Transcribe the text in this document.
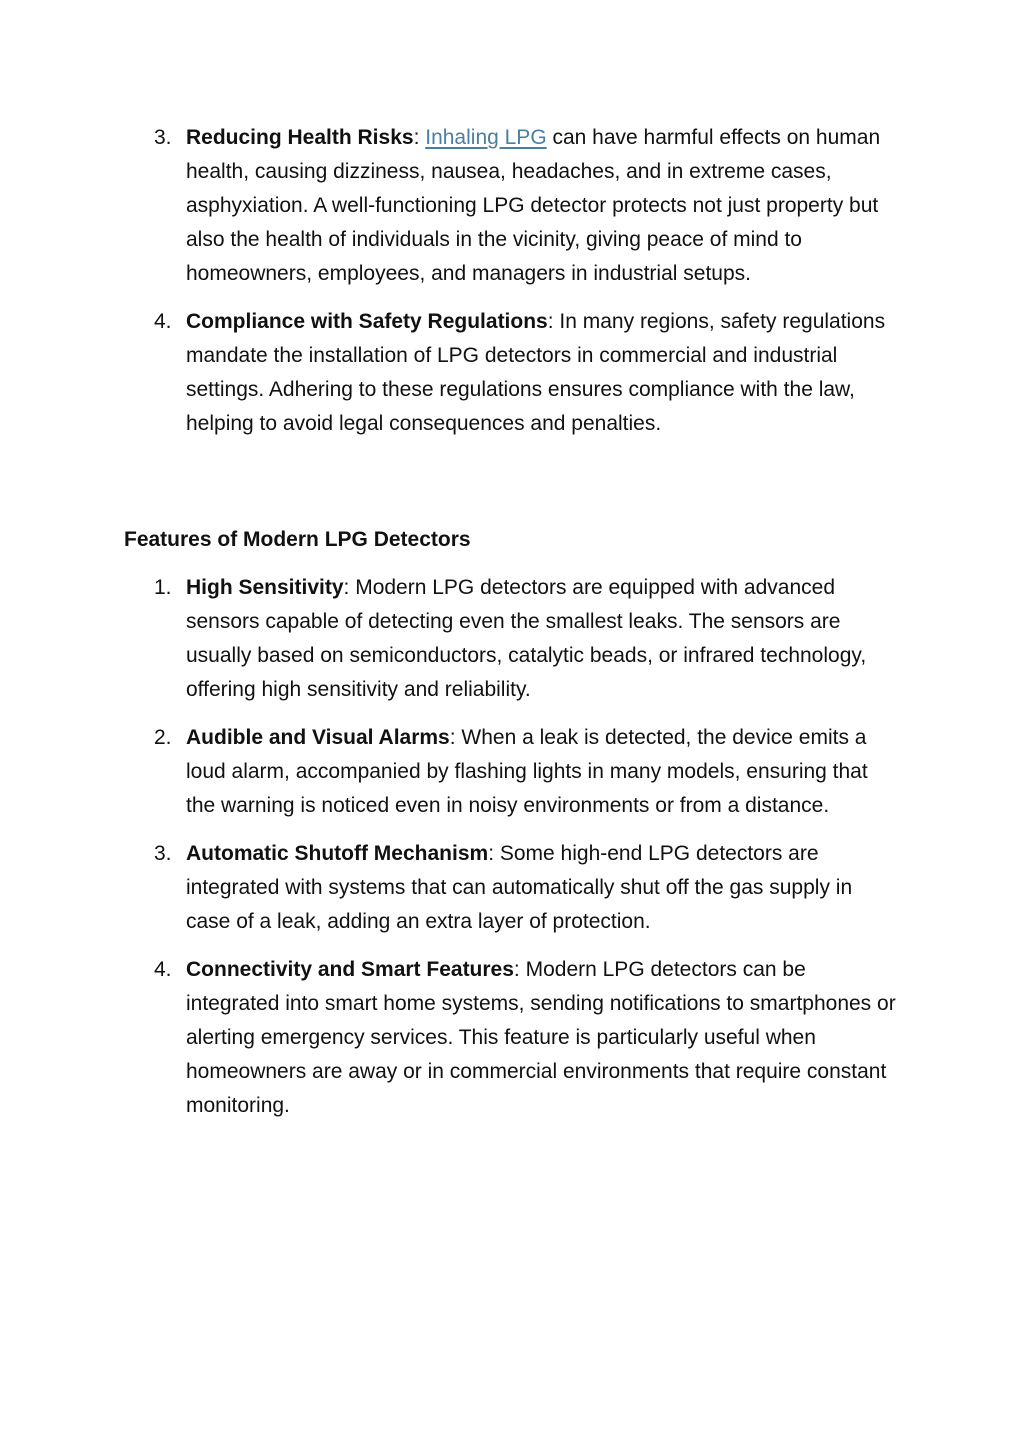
3. Reducing Health Risks: Inhaling LPG can have harmful effects on human health, causing dizziness, nausea, headaches, and in extreme cases, asphyxiation. A well-functioning LPG detector protects not just property but also the health of individuals in the vicinity, giving peace of mind to homeowners, employees, and managers in industrial setups.
4. Compliance with Safety Regulations: In many regions, safety regulations mandate the installation of LPG detectors in commercial and industrial settings. Adhering to these regulations ensures compliance with the law, helping to avoid legal consequences and penalties.
Features of Modern LPG Detectors
1. High Sensitivity: Modern LPG detectors are equipped with advanced sensors capable of detecting even the smallest leaks. The sensors are usually based on semiconductors, catalytic beads, or infrared technology, offering high sensitivity and reliability.
2. Audible and Visual Alarms: When a leak is detected, the device emits a loud alarm, accompanied by flashing lights in many models, ensuring that the warning is noticed even in noisy environments or from a distance.
3. Automatic Shutoff Mechanism: Some high-end LPG detectors are integrated with systems that can automatically shut off the gas supply in case of a leak, adding an extra layer of protection.
4. Connectivity and Smart Features: Modern LPG detectors can be integrated into smart home systems, sending notifications to smartphones or alerting emergency services. This feature is particularly useful when homeowners are away or in commercial environments that require constant monitoring.
